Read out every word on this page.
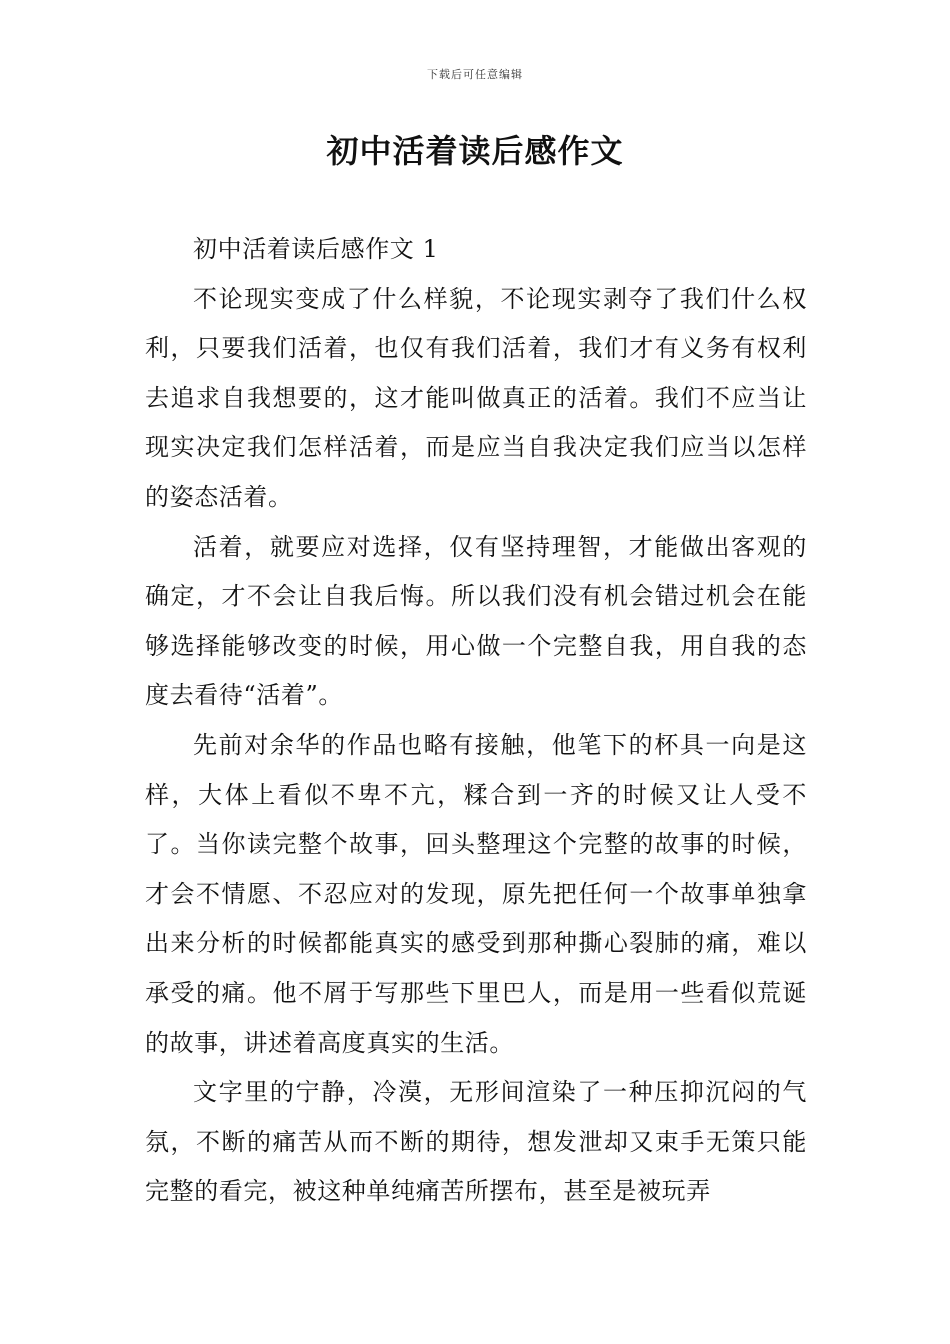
下载后可任意编辑
初中活着读后感作文

初中活着读后感作文 1

不论现实变成了什么样貌，不论现实剥夺了我们什么权利，只要我们活着，也仅有我们活着，我们才有义务有权利去追求自我想要的，这才能叫做真正的活着。我们不应当让现实决定我们怎样活着，而是应当自我决定我们应当以怎样的姿态活着。

活着，就要应对选择，仅有坚持理智，才能做出客观的确定，才不会让自我后悔。所以我们没有机会错过机会在能够选择能够改变的时候，用心做一个完整自我，用自我的态度去看待“活着”。

先前对余华的作品也略有接触，他笔下的杯具一向是这样，大体上看似不卑不亢，糅合到一齐的时候又让人受不了。当你读完整个故事，回头整理这个完整的故事的时候，才会不情愿、不忍应对的发现，原先把任何一个故事单独拿出来分析的时候都能真实的感受到那种撕心裂肺的痛，难以承受的痛。他不屑于写那些下里巴人，而是用一些看似荒诞的故事，讲述着高度真实的生活。

文字里的宁静，冷漠，无形间渲染了一种压抑沉闷的气氛，不断的痛苦从而不断的期待，想发泄却又束手无策只能完整的看完，被这种单纯痛苦所摆布，甚至是被玩弄
